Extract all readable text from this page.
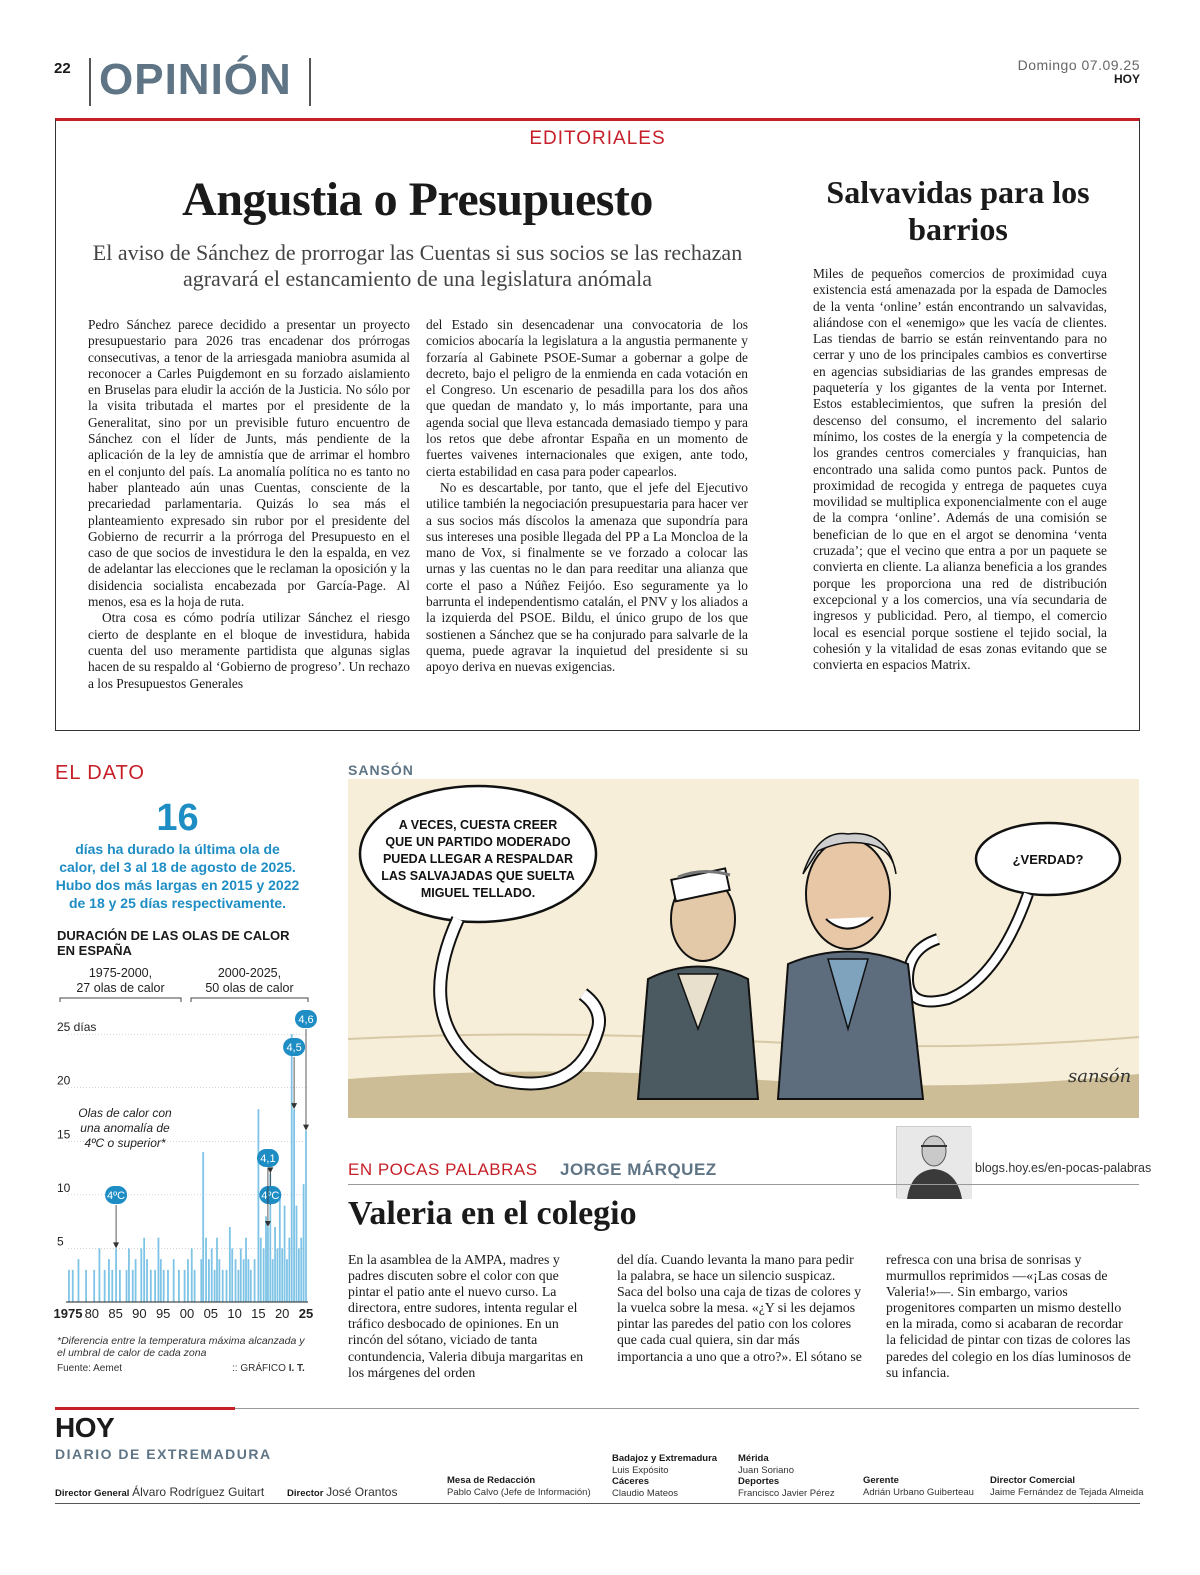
22 OPINIÓN	Domingo 07.09.25
HOY
EDITORIALES
Angustia o Presupuesto
El aviso de Sánchez de prorrogar las Cuentas si sus socios se las rechazan agravará el estancamiento de una legislatura anómala

Pedro Sánchez parece decidido a presentar un proyecto presupuestario para 2026 tras encadenar dos prórrogas consecutivas, a tenor de la arriesgada maniobra asumida al reconocer a Carles Puigdemont en su forzado aislamiento en Bruselas para eludir la acción de la Justicia. No sólo por la visita tributada el martes por el presidente de la Generalitat, sino por un previsible futuro encuentro de Sánchez con el líder de Junts, más pendiente de la aplicación de la ley de amnistía que de arrimar el hombro en el conjunto del país. La anomalía política no es tanto no haber planteado aún unas Cuentas, consciente de la precariedad parlamentaria. Quizás lo sea más el planteamiento expresado sin rubor por el presidente del Gobierno de recurrir a la prórroga del Presupuesto en el caso de que socios de investidura le den la espalda, en vez de adelantar las elecciones que le reclaman la oposición y la disidencia socialista encabezada por García-Page. Al menos, esa es la hoja de ruta.

Otra cosa es cómo podría utilizar Sánchez el riesgo cierto de desplante en el bloque de investidura, habida cuenta del uso meramente partidista que algunas siglas hacen de su respaldo al ‘Gobierno de progreso’. Un rechazo a los Presupuestos Generales

del Estado sin desencadenar una convocatoria de los comicios abocaría la legislatura a la angustia permanente y forzaría al Gabinete PSOE-Sumar a gobernar a golpe de decreto, bajo el peligro de la enmienda en cada votación en el Congreso. Un escenario de pesadilla para los dos años que quedan de mandato y, lo más importante, para una agenda social que lleva estancada demasiado tiempo y para los retos que debe afrontar España en un momento de fuertes vaivenes internacionales que exigen, ante todo, cierta estabilidad en casa para poder capearlos.

No es descartable, por tanto, que el jefe del Ejecutivo utilice también la negociación presupuestaria para hacer ver a sus socios más díscolos la amenaza que supondría para sus intereses una posible llegada del PP a La Moncloa de la mano de Vox, si finalmente se ve forzado a colocar las urnas y las cuentas no le dan para reeditar una alianza que corte el paso a Núñez Feijóo. Eso seguramente ya lo barrunta el independentismo catalán, el PNV y los aliados a la izquierda del PSOE. Bildu, el único grupo de los que sostienen a Sánchez que se ha conjurado para salvarle de la quema, puede agravar la inquietud del presidente si su apoyo deriva en nuevas exigencias.

Salvavidas para los barrios

Miles de pequeños comercios de proximidad cuya existencia está amenazada por la espada de Damocles de la venta ‘online’ están encontrando un salvavidas, aliándose con el «enemigo» que les vacía de clientes. Las tiendas de barrio se están reinventando para no cerrar y uno de los principales cambios es convertirse en agencias subsidiarias de las grandes empresas de paquetería y los gigantes de la venta por Internet. Estos establecimientos, que sufren la presión del descenso del consumo, el incremento del salario mínimo, los costes de la energía y la competencia de los grandes centros comerciales y franquicias, han encontrado una salida como puntos pack. Puntos de proximidad de recogida y entrega de paquetes cuya movilidad se multiplica exponencialmente con el auge de la compra ‘online’. Además de una comisión se benefician de lo que en el argot se denomina ‘venta cruzada’; que el vecino que entra a por un paquete se convierta en cliente. La alianza beneficia a los grandes porque les proporciona una red de distribución excepcional y a los comercios, una vía secundaria de ingresos y publicidad. Pero, al tiempo, el comercio local es esencial porque sostiene el tejido social, la cohesión y la vitalidad de esas zonas evitando que se convierta en espacios Matrix.

EL DATO
16
días ha durado la última ola de calor, del 3 al 18 de agosto de 2025. Hubo dos más largas en 2015 y 2022 de 18 y 25 días respectivamente.
DURACIÓN DE LAS OLAS DE CALOR EN ESPAÑA
1975-2000,
27 olas de calor
2000-2025,
50 olas de calor
5
10
15
20
25 días
1975 80 85 90 95 00 05 10 15 20 25
Olas de calor con
una anomalía de
4ºC o superior*
4ºC	4ºC
4,1
4,5
4,6
*Diferencia entre la temperatura máxima alcanzada y el umbral de calor de cada zona
Fuente: Aemet	:: GRÁFICO I. T.
SANSÓN
A VECES, CUESTA CREER QUE UN PARTIDO MODERADO PUEDA LLEGAR A RESPALDAR LAS SALVAJADAS QUE SUELTA MIGUEL TELLADO.
¿VERDAD?
sansón
EN POCAS PALABRAS JORGE MÁRQUEZ	blogs.hoy.es/en-pocas-palabras
Valeria en el colegio
En la asamblea de la AMPA, madres y padres discuten sobre el color con que pintar el patio ante el nuevo curso. La directora, entre sudores, intenta regular el tráfico desbocado de opiniones. En un rincón del sótano, viciado de tanta contundencia, Valeria dibuja margaritas en los márgenes del orden
del día. Cuando levanta la mano para pedir la palabra, se hace un silencio suspicaz. Saca del bolso una caja de tizas de colores y la vuelca sobre la mesa. «¿Y si les dejamos pintar las paredes del patio con los colores que cada cual quiera, sin dar más importancia a uno que a otro?». El sótano se
refresca con una brisa de sonrisas y murmullos reprimidos —«¡Las cosas de Valeria!»—. Sin embargo, varios progenitores comparten un mismo destello en la mirada, como si acabaran de recordar la felicidad de pintar con tizas de colores las paredes del colegio en los días luminosos de su infancia.
HOY
DIARIO DE EXTREMADURA
Director General Álvaro Rodríguez Guitart Director José Orantos
Mesa de Redacción
Pablo Calvo (Jefe de Información)
Badajoz y Extremadura
Luis Expósito
Cáceres
Claudio Mateos
Mérida
Juan Soriano
Deportes
Francisco Javier Pérez
Gerente
Adrián Urbano Guiberteau
Director Comercial
Jaime Fernández de Tejada Almeida
